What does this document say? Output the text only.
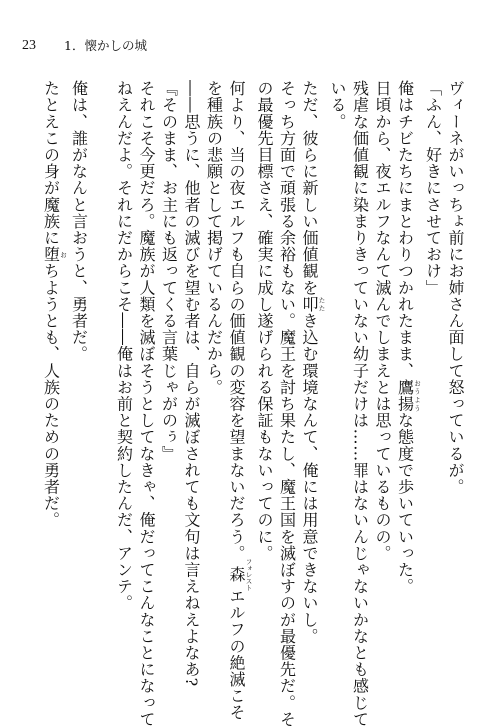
23 1．懐かしの城
ヴィーネがいっちょ前にお姉さん面して怒っているが。
「ふん、好きにさせておけ」
俺はチビたちにまとわりつかれたまま、鷹揚おうような態度で歩いていった。
日頃から、夜エルフなんて滅んでしまえとは思っているものの。
残虐な価値観に染まりきっていない幼子だけは……罪はないんじゃないかなとも感じて
いる。
ただ、彼らに新しい価値観を叩たたき込む環境なんて、俺には用意できないし。
そっち方面で頑張る余裕もない。魔王を討ち果たし、魔王国を滅ぼすのが最優先だ。そ
の最優先目標さえ、確実に成し遂げられる保証もないってのに。
何より、当の夜エルフも自らの価値観の変容を望まないだろう。森フォレストエルフの絶滅こそ
を種族の悲願として掲げているんだから。
――思うに、他者の滅びを望む者は、自らが滅ぼされても文句は言えねえよなあ?
『そのまま、お主にも返ってくる言葉じゃがのぅ』
それこそ今更だろ。魔族が人類を滅ぼそうとしてなきゃ、俺だってこんなことになって
ねえんだよ。それにだからこそ――俺はお前と契約したんだ、アンテ。

俺は、誰がなんと言おうと、勇者だ。
たとえこの身が魔族に堕おちようとも、人族のための勇者だ。
